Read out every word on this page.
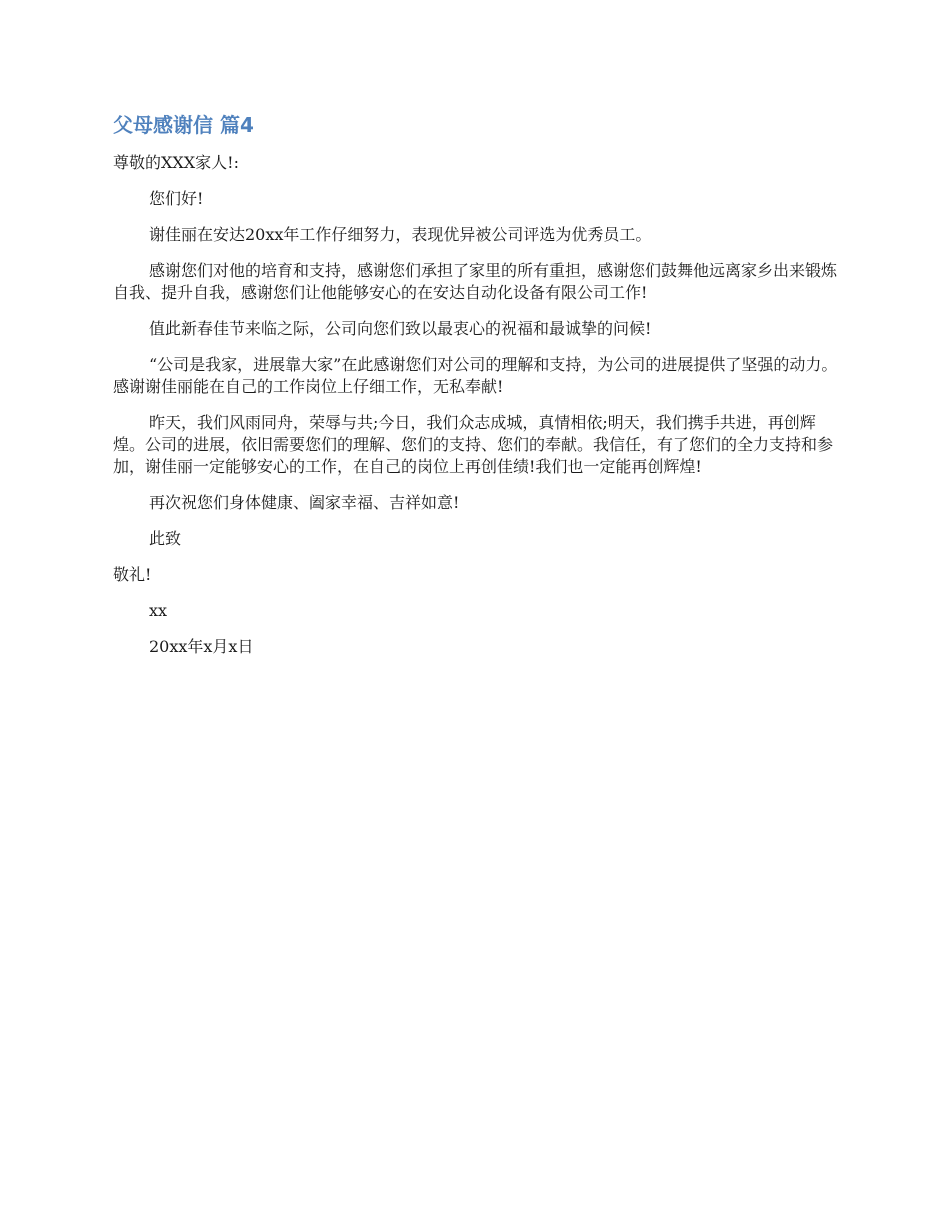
父母感谢信 篇4

尊敬的XXX家人!:

您们好!

谢佳丽在安达20xx年工作仔细努力，表现优异被公司评选为优秀员工。

感谢您们对他的培育和支持，感谢您们承担了家里的所有重担，感谢您们鼓舞他远离家乡出来锻炼自我、提升自我，感谢您们让他能够安心的在安达自动化设备有限公司工作!

值此新春佳节来临之际，公司向您们致以最衷心的祝福和最诚挚的问候!

“公司是我家，进展靠大家”在此感谢您们对公司的理解和支持，为公司的进展提供了坚强的动力。感谢谢佳丽能在自己的工作岗位上仔细工作，无私奉献!

昨天，我们风雨同舟，荣辱与共;今日，我们众志成城，真情相依;明天，我们携手共进，再创辉煌。公司的进展，依旧需要您们的理解、您们的支持、您们的奉献。我信任，有了您们的全力支持和参加，谢佳丽一定能够安心的工作，在自己的岗位上再创佳绩!我们也一定能再创辉煌!

再次祝您们身体健康、阖家幸福、吉祥如意!

此致

敬礼!

xx

20xx年x月x日
